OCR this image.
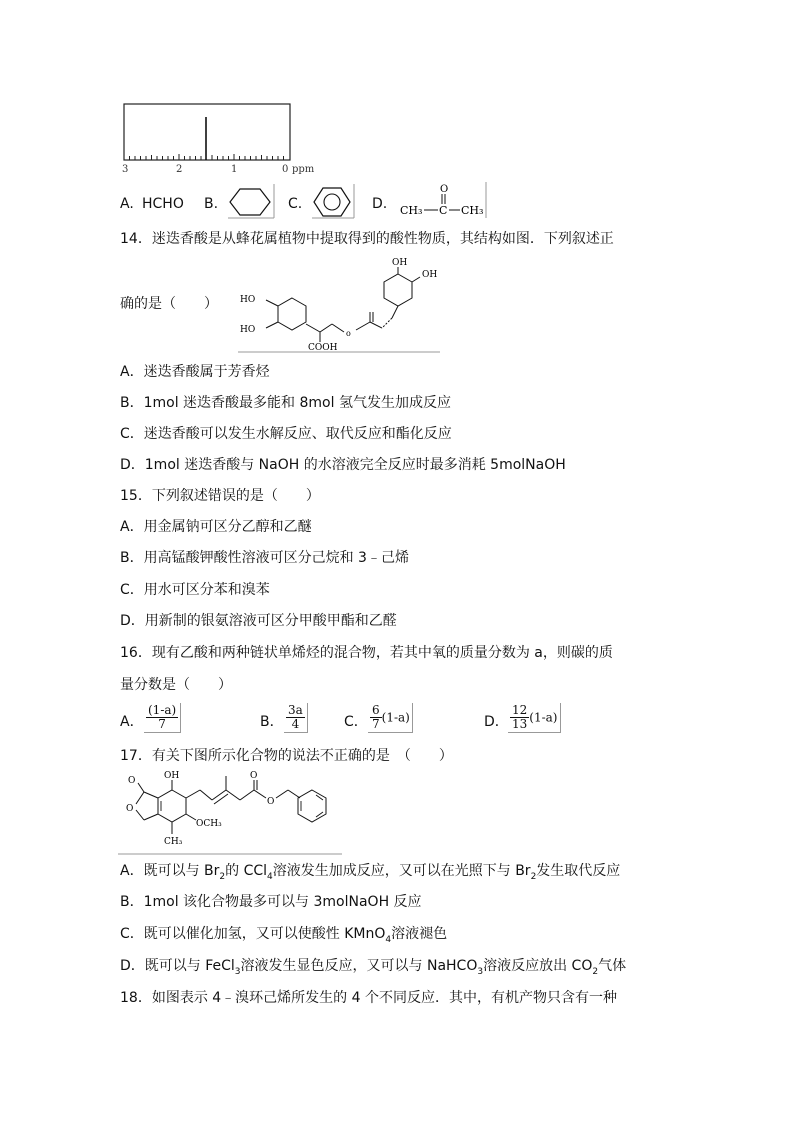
3	2	1	0 ppm
A. HCHO B.	C.	D.
O
CH₃ C CH₃
14．迷迭香酸是从蜂花属植物中提取得到的酸性物质，其结构如图．下列叙述正
OH
OH
o
COOH
HO
HO
确的是（　　）
A．迷迭香酸属于芳香烃
B．1mol 迷迭香酸最多能和 8mol 氢气发生加成反应
C．迷迭香酸可以发生水解反应、取代反应和酯化反应
D．1mol 迷迭香酸与 NaOH 的水溶液完全反应时最多消耗 5molNaOH
15．下列叙述错误的是（　　）
A．用金属钠可区分乙醇和乙醚
B．用高锰酸钾酸性溶液可区分己烷和 3﹣己烯
C．用水可区分苯和溴苯
D．用新制的银氨溶液可区分甲酸甲酯和乙醛
16．现有乙酸和两种链状单烯烃的混合物，若其中氧的质量分数为 a，则碳的质
量分数是（　　）
A． $\frac{(1-a)}{7}$	B． $\frac{3a}{4}$	C． $\frac{6}{7} (1-a)$	D． $\frac{12}{13} (1-a)$
17．有关下图所示化合物的说法不正确的是　（　　）
O
O	OH
OCH₃
CH₃
O
O
A．既可以与 $Br_2$的 CCl$_4$溶液发生加成反应，又可以在光照下与 $Br_2$发生取代反应
B．1mol 该化合物最多可以与 3molNaOH 反应
C．既可以催化加氢，又可以使酸性 KMnO$_4$溶液褪色
D．既可以与 FeCl$_3$溶液发生显色反应，又可以与 NaHCO$_3$溶液反应放出 $CO_2$气体
18．如图表示 4﹣溴环己烯所发生的 4 个不同反应．其中，有机产物只含有一种
